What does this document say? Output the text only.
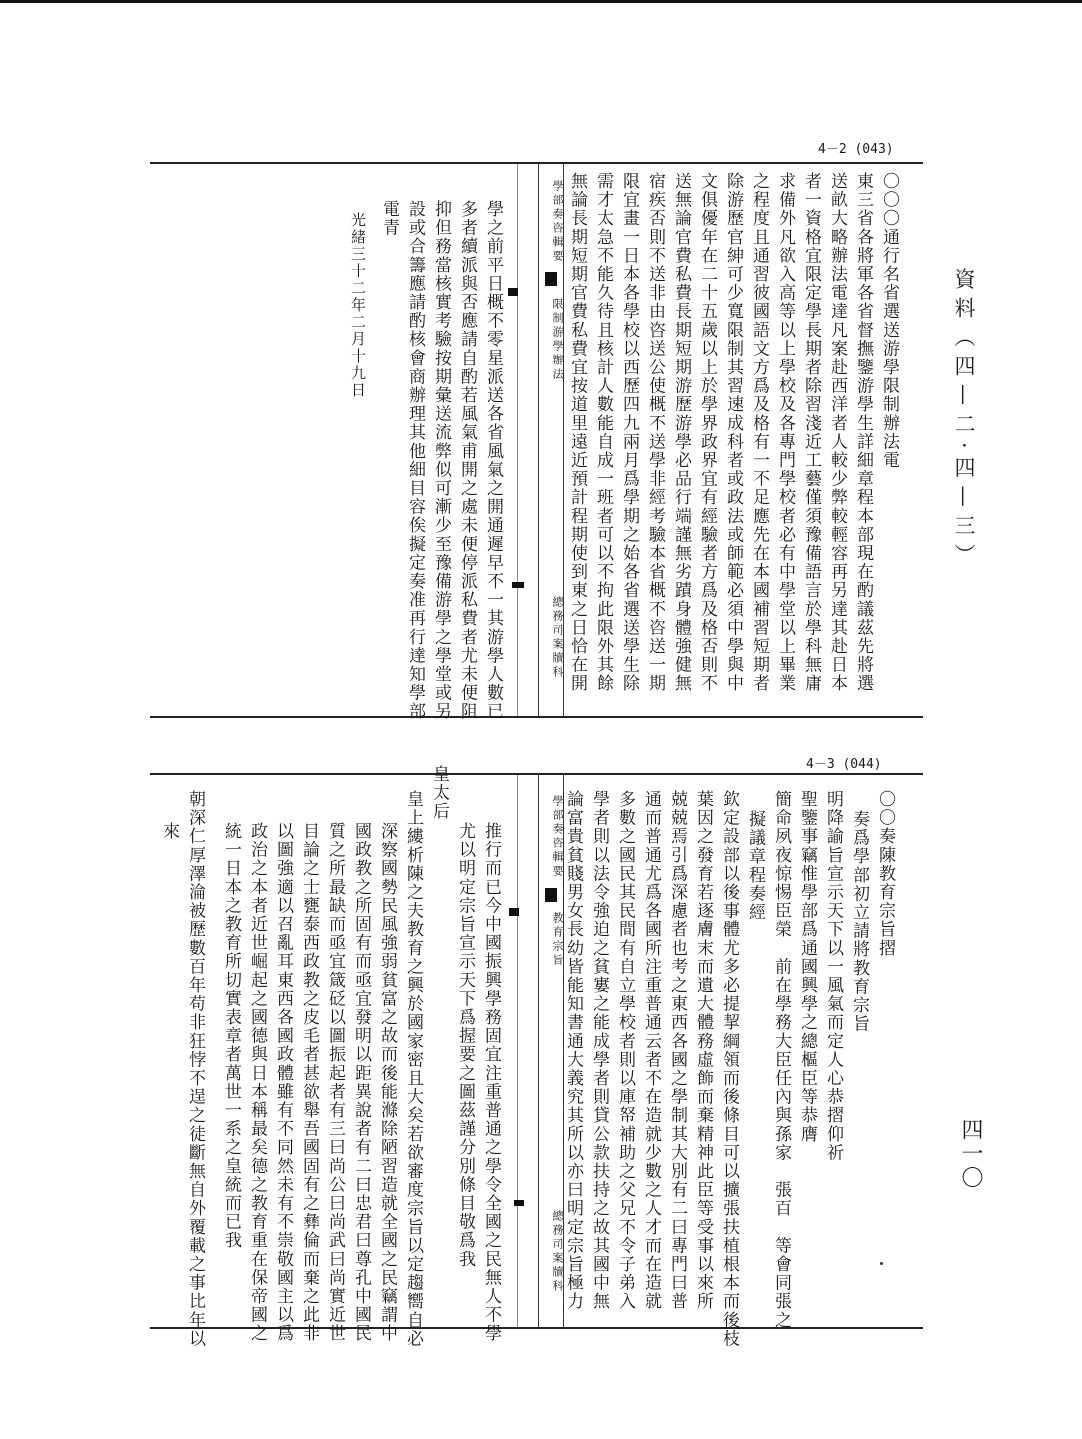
4－2 (043)
4－3 (044)
資料（四—二·四—三）
四一〇
〇〇〇通行名省選送游學限制辦法電
東三省各將軍各省督撫鑒游學生詳細章程本部現在酌議茲先將選
送畝大略辦法電達凡案赴西洋者人較少弊較輕容再另達其赴日本
者一資格宜限定學長期者除習淺近工藝僅須豫備語言於學科無庸
求備外凡欲入高等以上學校及各專門學校者必有中學堂以上畢業
之程度且通習彼國語文方爲及格有一不足應先在本國補習短期者
除游歷官紳可少寬限制其習速成科者或政法或師範必須中學與中
文俱優年在二十五歲以上於學界政界宜有經驗者方爲及格否則不
送無論官費私費長期短期游歷游學必品行端謹無劣蹟身體強健無
宿疾否則不送非由咨送公使概不送學非經考驗本省概不咨送一期
限宜畫一日本各學校以西歷四九兩月爲學期之始各省選送學生除
需才太急不能久待且核計人數能自成一班者可以不拘此限外其餘
無論長期短期官費私費宜按道里遠近預計程期使到東之日恰在開
學部奏咨輯要
限制游學辦法
總務司案牘科
學之前平日概不零星派送各省風氣之開通遲早不一其游學人數已
多者續派與否應請自酌若風氣甫開之處未便停派私費者尤未便阻
抑但務當核實考驗按期彙送流弊似可漸少至豫備游學之學堂或另
設或合籌應請酌核會商辦理其他細目容俟擬定奏准再行達知學部
電青
光緒三十二年二月十九日
〇〇奏陳教育宗旨摺
奏爲學部初立請將教育宗旨
明降諭旨宣示天下以一風氣而定人心恭摺仰祈
聖鑒事竊惟學部爲通國興學之總樞臣等恭膺
簡命夙夜惊惕臣榮　前在學務大臣任內與孫家　張百　等會同張之
擬議章程奏經
欽定設部以後事體尤多必提挈綱領而後條目可以擴張扶植根本而後枝
葉因之發育若逐膚末而遺大體務虛飾而棄精神此臣等受事以來所
兢兢焉引爲深慮者也考之東西各國之學制其大別有二曰專門曰普
通而普通尤爲各國所注重普通云者不在造就少數之人才而在造就
多數之國民其民間有自立學校者則以庫帑補助之父兄不令子弟入
學者則以法令強迫之貧寠之能成學者則貸公款扶持之故其國中無
論富貴貧賤男女長幼皆能知書通大義究其所以亦曰明定宗旨極力
學部奏咨輯要
教育宗旨
總務司案牘科
推行而已今中國振興學務固宜注重普通之學令全國之民無人不學
尤以明定宗旨宣示天下爲握要之圖茲謹分別條目敬爲我
皇太后
皇上縷析陳之夫教育之興於國家密且大矣若欲審度宗旨以定趨嚮自必
深察國勢民風強弱貧富之故而後能滌除陋習造就全國之民竊謂中
國政教之所固有而亟宜發明以距異說者有二曰忠君曰尊孔中國民
質之所最缺而亟宜箴砭以圖振起者有三曰尚公曰尚武曰尚實近世
目論之士甕泰西政教之皮毛者甚欲舉吾國固有之彝倫而棄之此非
以圖強適以召亂耳東西各國政體雖有不同然未有不崇敬國主以爲
政治之本者近世崛起之國德與日本稱最矣德之教育重在保帝國之
統一日本之教育所切實表章者萬世一系之皇統而已我
朝深仁厚澤淪被歷數百年苟非狂悖不逞之徒斷無自外覆載之事比年以
來
